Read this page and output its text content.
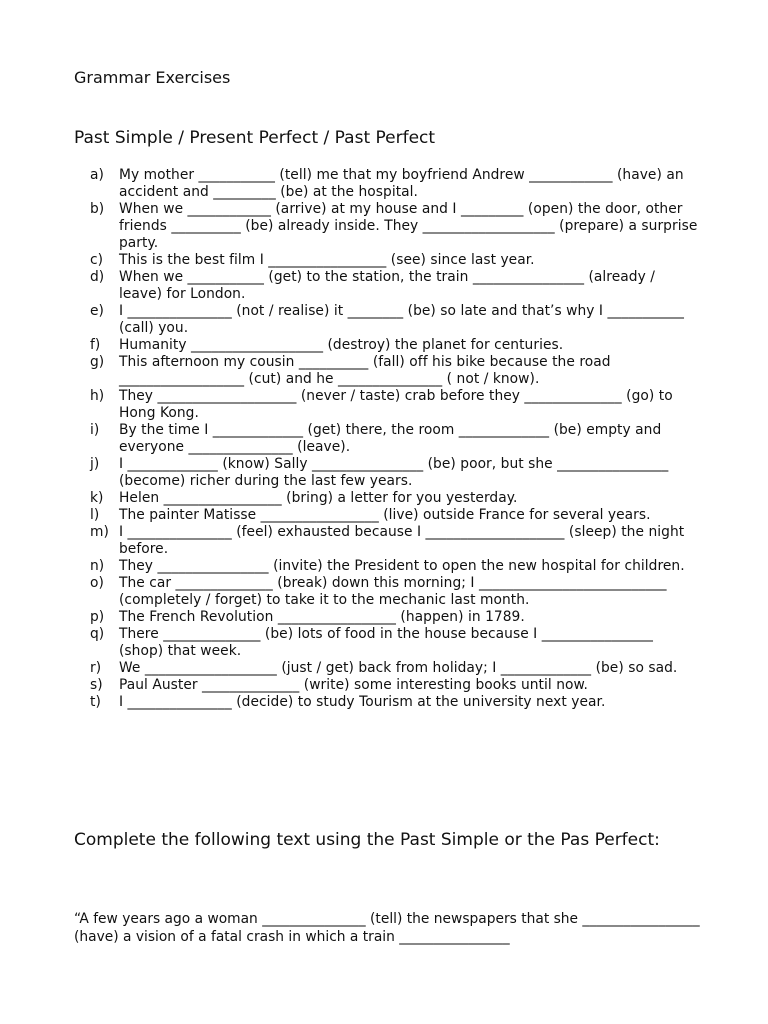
Grammar Exercises
Past Simple / Present Perfect / Past Perfect
a)	My mother ___________ (tell) me that my boyfriend Andrew ____________ (have) an accident and _________ (be) at the hospital.
b)	When we ____________ (arrive) at my house and I _________ (open) the door, other friends __________ (be) already inside. They ___________________ (prepare) a surprise party.
c)	This is the best film I _________________ (see) since last year.
d)	When we ___________ (get) to the station, the train ________________ (already / leave) for London.
e)	I _______________ (not / realise) it ________ (be) so late and that’s why I ___________ (call) you.
f)	Humanity ___________________ (destroy) the planet for centuries.
g)	This afternoon my cousin __________ (fall) off his bike because the road __________________ (cut) and he _______________ ( not / know).
h)	They ____________________ (never / taste) crab before they ______________ (go) to Hong Kong.
i)	By the time I _____________ (get) there, the room _____________ (be) empty and everyone _______________ (leave).
j)	I _____________ (know) Sally ________________ (be) poor, but she ________________ (become) richer during the last few years.
k)	Helen _________________ (bring) a letter for you yesterday.
l)	The painter Matisse _________________ (live) outside France for several years.
m) I _______________ (feel) exhausted because I ____________________ (sleep) the night before.
n)	They ________________ (invite) the President to open the new hospital for children.
o)	The car ______________ (break) down this morning; I ___________________________ (completely / forget) to take it to the mechanic last month.
p)	The French Revolution _________________ (happen) in 1789.
q)	There ______________ (be) lots of food in the house because I ________________ (shop) that week.
r)	We ___________________ (just / get) back from holiday; I _____________ (be) so sad.
s)	Paul Auster ______________ (write) some interesting books until now.
t)	I _______________ (decide) to study Tourism at the university next year.
Complete the following text using the Past Simple or the Pas Perfect:
“A few years ago a woman _______________ (tell) the newspapers that she _________________ (have) a vision of a fatal crash in which a train ________________
